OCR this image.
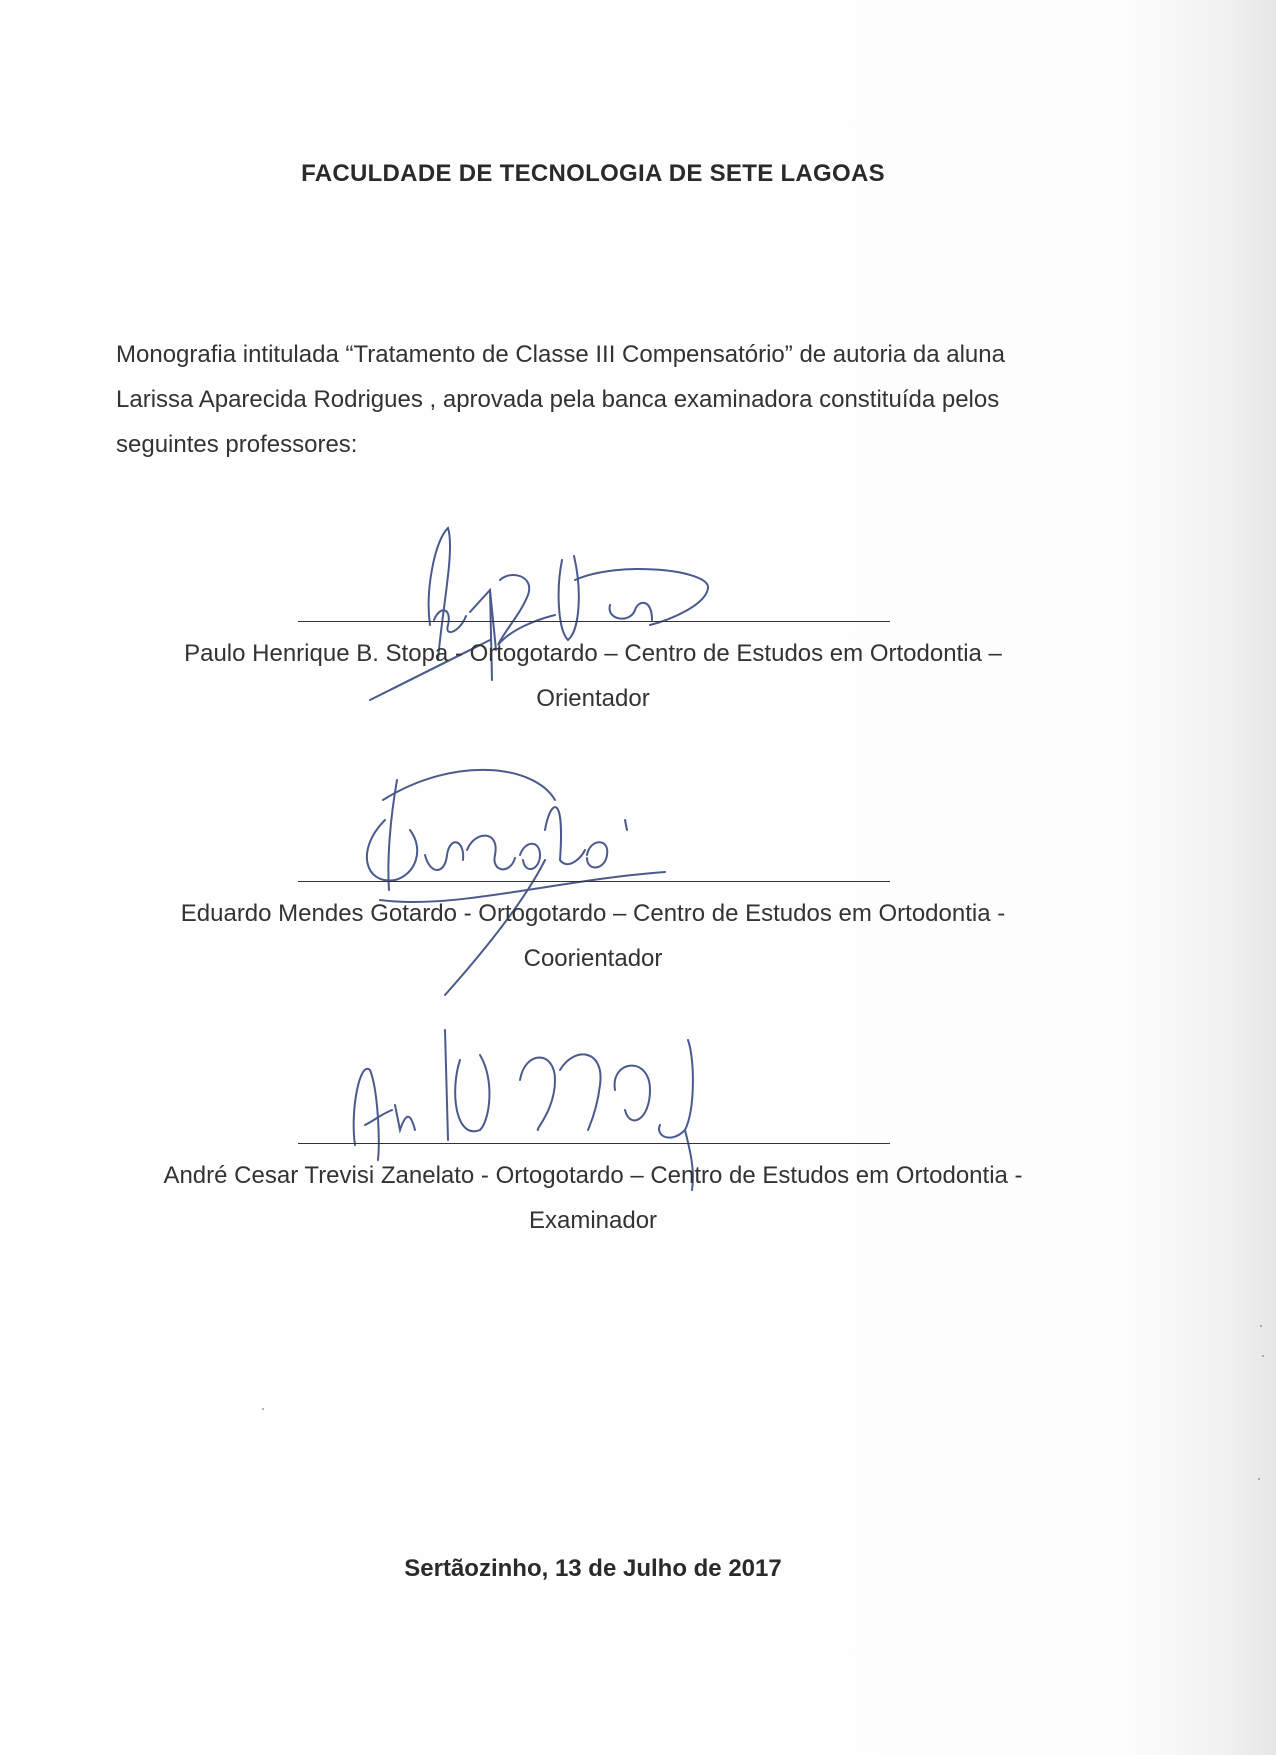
FACULDADE DE TECNOLOGIA DE SETE LAGOAS
Monografia intitulada “Tratamento de Classe III Compensatório” de autoria da aluna
Larissa Aparecida Rodrigues , aprovada pela banca examinadora constituída pelos
seguintes professores:
Paulo Henrique B. Stopa - Ortogotardo – Centro de Estudos em Ortodontia –
Orientador
Eduardo Mendes Gotardo - Ortogotardo – Centro de Estudos em Ortodontia -
Coorientador
André Cesar Trevisi Zanelato - Ortogotardo – Centro de Estudos em Ortodontia -
Examinador
Sertãozinho, 13 de Julho de 2017
